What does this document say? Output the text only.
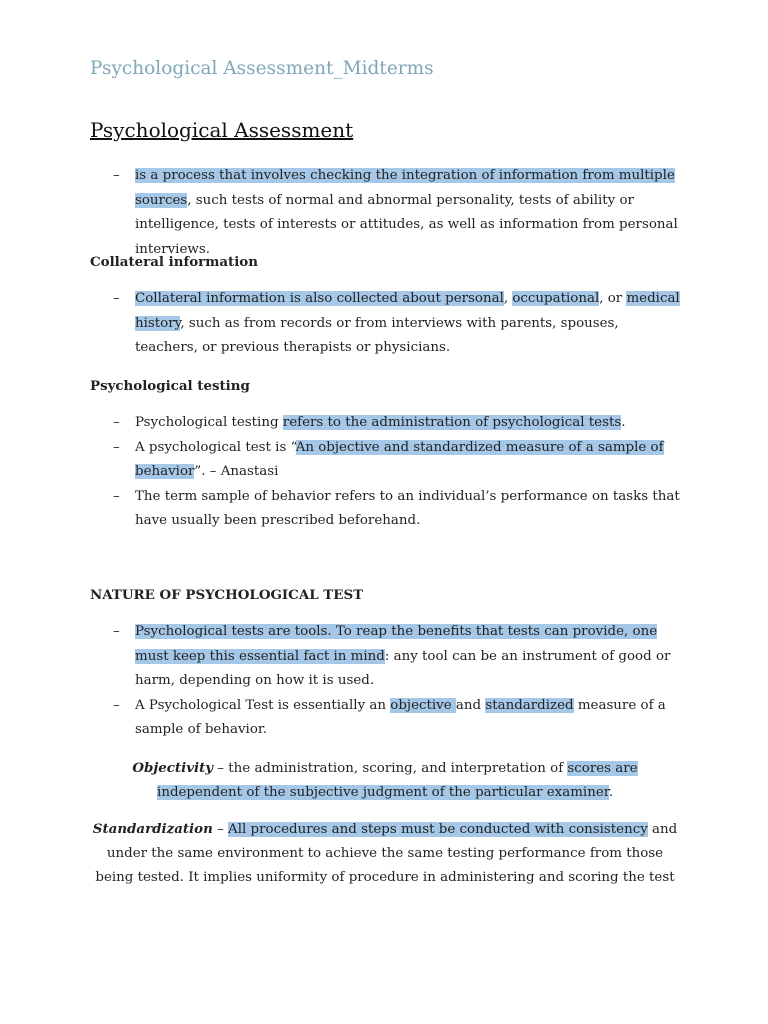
Psychological Assessment_Midterms
Psychological Assessment

– is a process that involves checking the integration of information from multiple sources, such tests of normal and abnormal personality, tests of ability or intelligence, tests of interests or attitudes, as well as information from personal interviews.

Collateral information

– Collateral information is also collected about personal, occupational, or medical history, such as from records or from interviews with parents, spouses, teachers, or previous therapists or physicians.

Psychological testing

– Psychological testing refers to the administration of psychological tests.

– A psychological test is “An objective and standardized measure of a sample of behavior”. – Anastasi

– The term sample of behavior refers to an individual’s performance on tasks that have usually been prescribed beforehand.

NATURE OF PSYCHOLOGICAL TEST

– Psychological tests are tools. To reap the benefits that tests can provide, one must keep this essential fact in mind: any tool can be an instrument of good or harm, depending on how it is used.

– A Psychological Test is essentially an objective and standardized measure of a sample of behavior.

Objectivity – the administration, scoring, and interpretation of scores are independent of the subjective judgment of the particular examiner.

Standardization – All procedures and steps must be conducted with consistency and under the same environment to achieve the same testing performance from those being tested. It implies uniformity of procedure in administering and scoring the test
